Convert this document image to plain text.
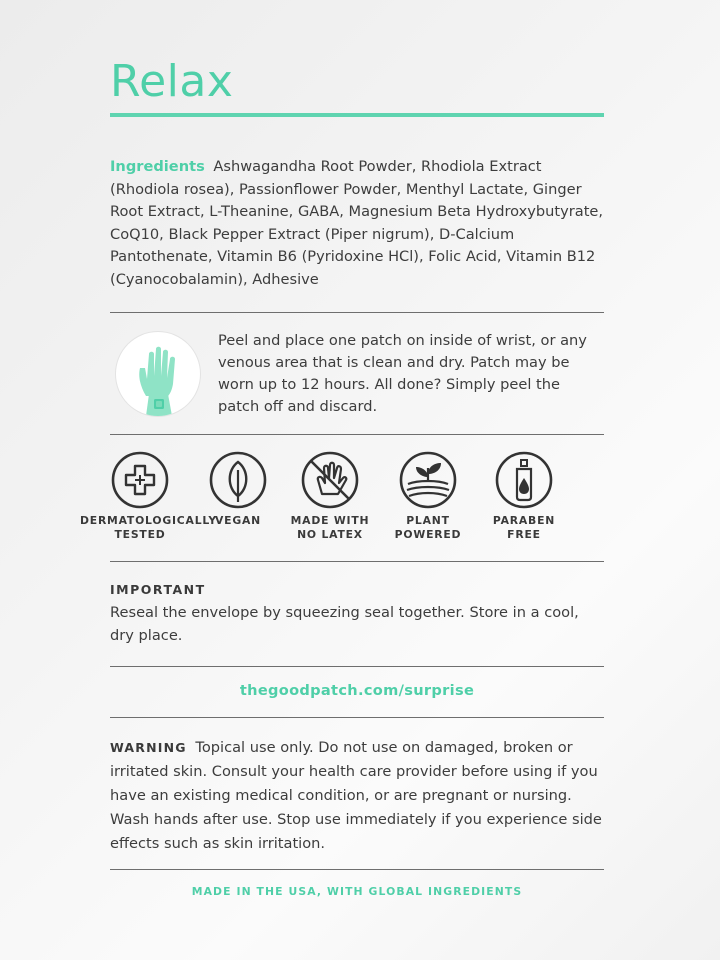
Relax

Ingredients Ashwagandha Root Powder, Rhodiola Extract (Rhodiola rosea), Passionflower Powder, Menthyl Lactate, Ginger Root Extract, L-Theanine, GABA, Magnesium Beta Hydroxybutyrate, CoQ10, Black Pepper Extract (Piper nigrum), D-Calcium Pantothenate, Vitamin B6 (Pyridoxine HCl), Folic Acid, Vitamin B12 (Cyanocobalamin), Adhesive

Peel and place one patch on inside of wrist, or any venous area that is clean and dry. Patch may be worn up to 12 hours. All done? Simply peel the patch off and discard.

DERMATOLOGICALLY
TESTED
VEGAN	MADE WITH
NO LATEX
PLANT
POWERED
PARABEN
FREE

IMPORTANT

Reseal the envelope by squeezing seal together. Store in a cool, dry place.

thegoodpatch.com/surprise

WARNING Topical use only. Do not use on damaged, broken or irritated skin. Consult your health care provider before using if you have an existing medical condition, or are pregnant or nursing. Wash hands after use. Stop use immediately if you experience side effects such as skin irritation.

MADE IN THE USA, WITH GLOBAL INGREDIENTS
